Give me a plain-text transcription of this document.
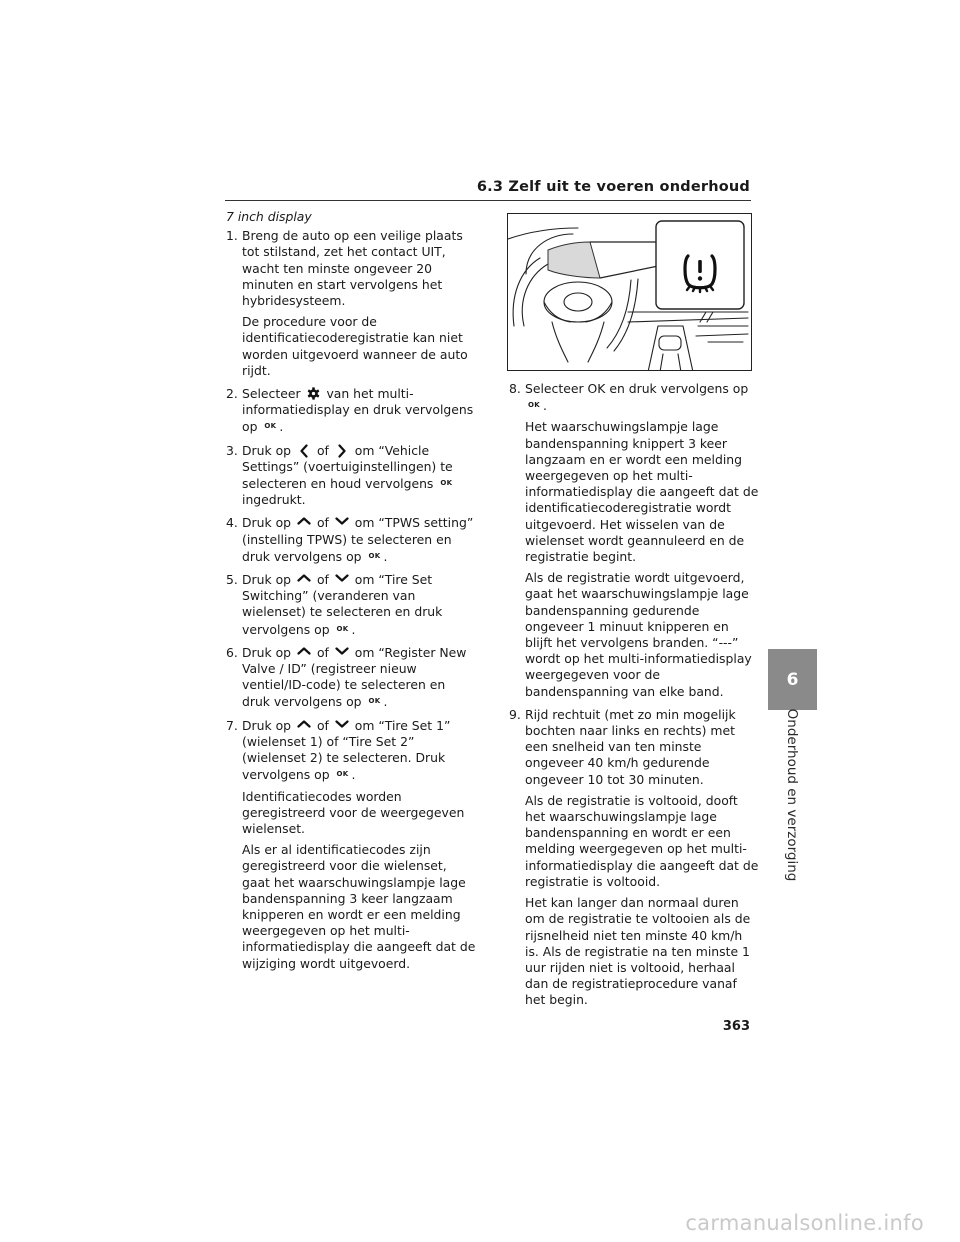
6.3 Zelf uit te voeren onderhoud
7 inch display
1. Breng de auto op een veilige plaats tot stilstand, zet het contact UIT, wacht ten minste ongeveer 20 minuten en start vervolgens het hybridesysteem.
De procedure voor de identificatiecoderegistratie kan niet worden uitgevoerd wanneer de auto rijdt.
2. Selecteer
van het multi-informatiedisplay en druk vervolgens op OK .
3. Druk op
of
om “Vehicle Settings” (voertuiginstellingen) te selecteren en houd vervolgens OK ingedrukt.
4. Druk op
of
om “TPWS setting” (instelling TPWS) te selecteren en druk vervolgens op OK .
5. Druk op
of
om “Tire Set Switching” (veranderen van wielenset) te selecteren en druk vervolgens op OK .
6. Druk op
of
om “Register New Valve / ID” (registreer nieuw ventiel/ID-code) te selecteren en druk vervolgens op OK .
7. Druk op
of
om “Tire Set 1” (wielenset 1) of “Tire Set 2” (wielenset 2) te selecteren. Druk vervolgens op OK .
Identificatiecodes worden geregistreerd voor de weergegeven wielenset.
Als er al identificatiecodes zijn geregistreerd voor die wielenset, gaat het waarschuwingslampje lage bandenspanning 3 keer langzaam knipperen en wordt er een melding weergegeven op het multi-informatiedisplay die aangeeft dat de wijziging wordt uitgevoerd.
8. Selecteer OK en druk vervolgens op OK .
Het waarschuwingslampje lage bandenspanning knippert 3 keer langzaam en er wordt een melding weergegeven op het multi-informatiedisplay die aangeeft dat de identificatiecoderegistratie wordt uitgevoerd. Het wisselen van de wielenset wordt geannuleerd en de registratie begint.
Als de registratie wordt uitgevoerd, gaat het waarschuwingslampje lage bandenspanning gedurende ongeveer 1 minuut knipperen en blijft het vervolgens branden. “---” wordt op het multi-informatiedisplay weergegeven voor de bandenspanning van elke band.
9. Rijd rechtuit (met zo min mogelijk bochten naar links en rechts) met een snelheid van ten minste ongeveer 40 km/h gedurende ongeveer 10 tot 30 minuten.
Als de registratie is voltooid, dooft het waarschuwingslampje lage bandenspanning en wordt er een melding weergegeven op het multi-informatiedisplay die aangeeft dat de registratie is voltooid.
Het kan langer dan normaal duren om de registratie te voltooien als de rijsnelheid niet ten minste 40 km/h is. Als de registratie na ten minste 1 uur rijden niet is voltooid, herhaal dan de registratieprocedure vanaf het begin.
6
Onderhoud en verzorging
363
carmanualsonline.info
